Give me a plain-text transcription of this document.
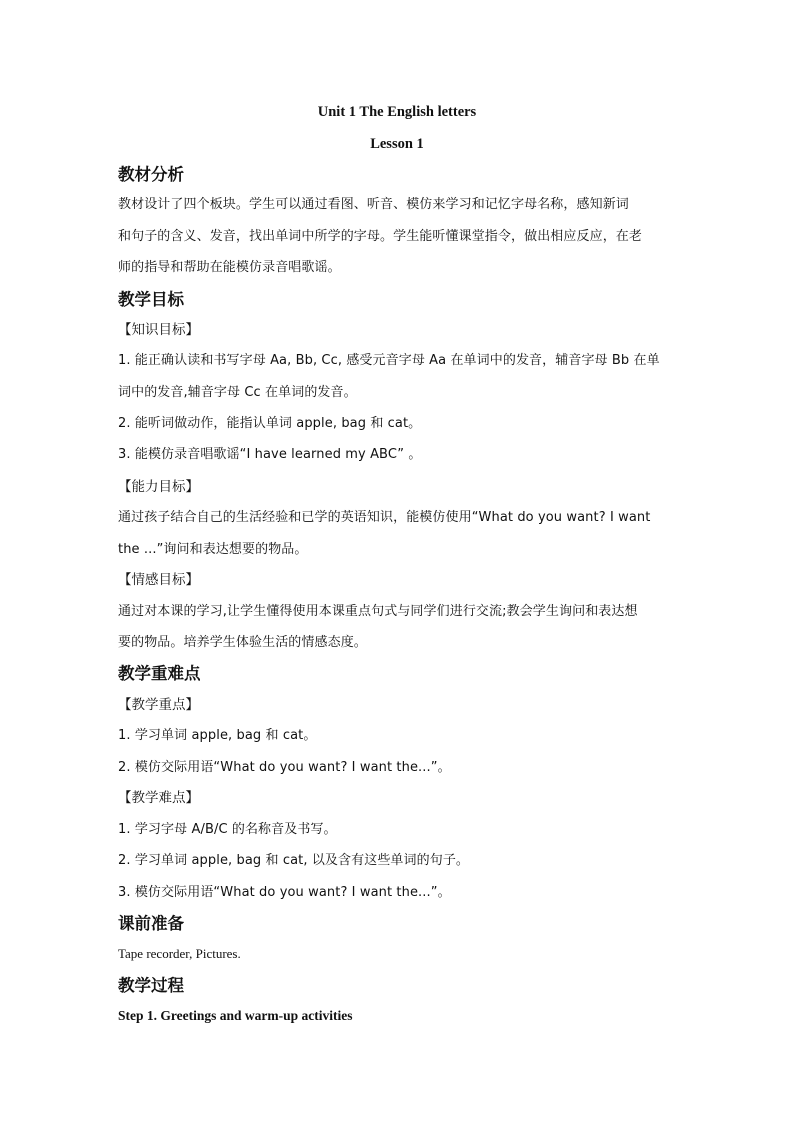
Unit 1 The English letters
Lesson 1
教材分析
教材设计了四个板块。学生可以通过看图、听音、模仿来学习和记忆字母名称，感知新词
和句子的含义、发音，找出单词中所学的字母。学生能听懂课堂指令，做出相应反应，在老
师的指导和帮助在能模仿录音唱歌谣。
教学目标
【知识目标】
1. 能正确认读和书写字母 Aa, Bb, Cc, 感受元音字母 Aa 在单词中的发音，辅音字母 Bb 在单
词中的发音,辅音字母 Cc 在单词的发音。
2. 能听词做动作，能指认单词 apple, bag 和 cat。
3. 能模仿录音唱歌谣“I have learned my ABC” 。
【能力目标】
通过孩子结合自己的生活经验和已学的英语知识，能模仿使用“What do you want? I want
the ...”询问和表达想要的物品。
【情感目标】
通过对本课的学习,让学生懂得使用本课重点句式与同学们进行交流;教会学生询问和表达想
要的物品。培养学生体验生活的情感态度。
教学重难点
【教学重点】
1. 学习单词 apple, bag 和 cat。
2. 模仿交际用语“What do you want? I want the...”。
【教学难点】
1. 学习字母 A/B/C 的名称音及书写。
2. 学习单词 apple, bag 和 cat, 以及含有这些单词的句子。
3. 模仿交际用语“What do you want? I want the...”。
课前准备
Tape recorder, Pictures.
教学过程
Step 1. Greetings and warm-up activities
